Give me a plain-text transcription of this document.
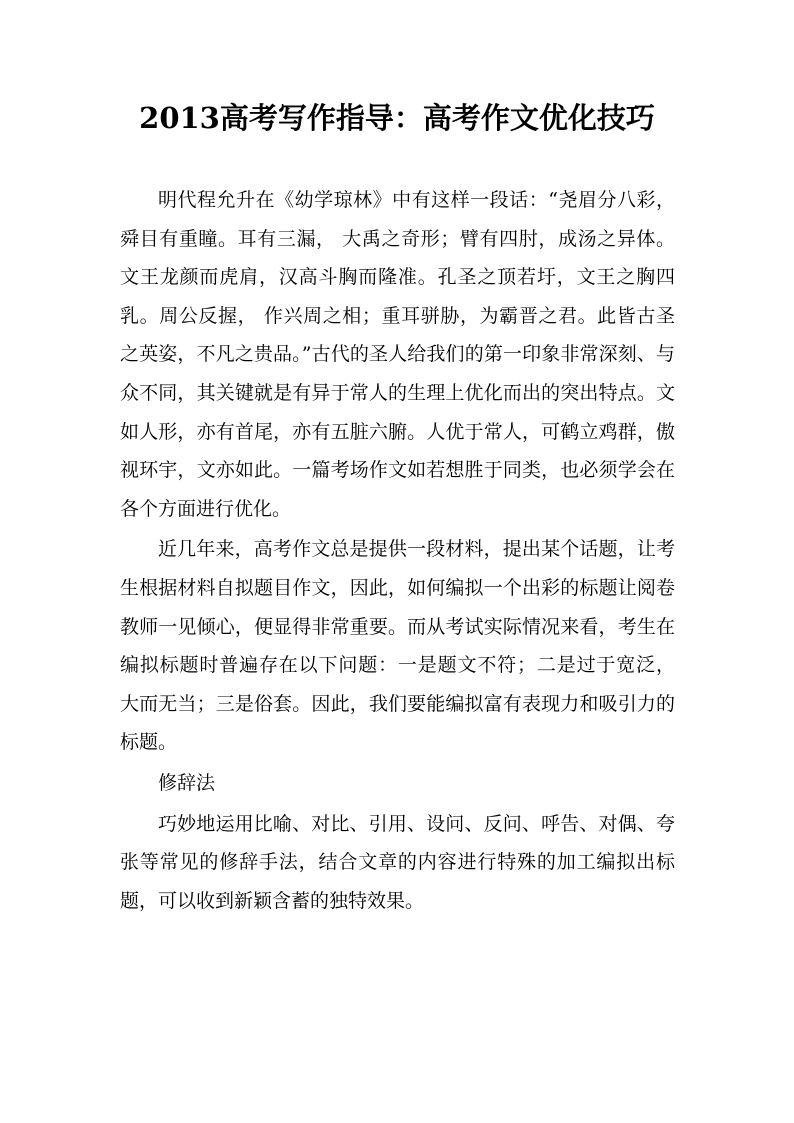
2013高考写作指导：高考作文优化技巧

明代程允升在《幼学琼林》中有这样一段话：“尧眉分八彩，舜目有重瞳。耳有三漏， 大禹之奇形；臂有四肘，成汤之异体。文王龙颜而虎肩，汉高斗胸而隆准。孔圣之顶若圩，文王之胸四乳。周公反握， 作兴周之相；重耳骈胁，为霸晋之君。此皆古圣之英姿，不凡之贵品。”古代的圣人给我们的第一印象非常深刻、与众不同，其关键就是有异于常人的生理上优化而出的突出特点。文如人形，亦有首尾，亦有五脏六腑。人优于常人，可鹤立鸡群，傲视环宇，文亦如此。一篇考场作文如若想胜于同类，也必须学会在各个方面进行优化。

近几年来，高考作文总是提供一段材料，提出某个话题，让考生根据材料自拟题目作文，因此，如何编拟一个出彩的标题让阅卷教师一见倾心，便显得非常重要。而从考试实际情况来看，考生在编拟标题时普遍存在以下问题：一是题文不符；二是过于宽泛， 大而无当；三是俗套。因此，我们要能编拟富有表现力和吸引力的标题。

修辞法

巧妙地运用比喻、对比、引用、设问、反问、呼告、对偶、夸张等常见的修辞手法，结合文章的内容进行特殊的加工编拟出标题，可以收到新颖含蓄的独特效果。
